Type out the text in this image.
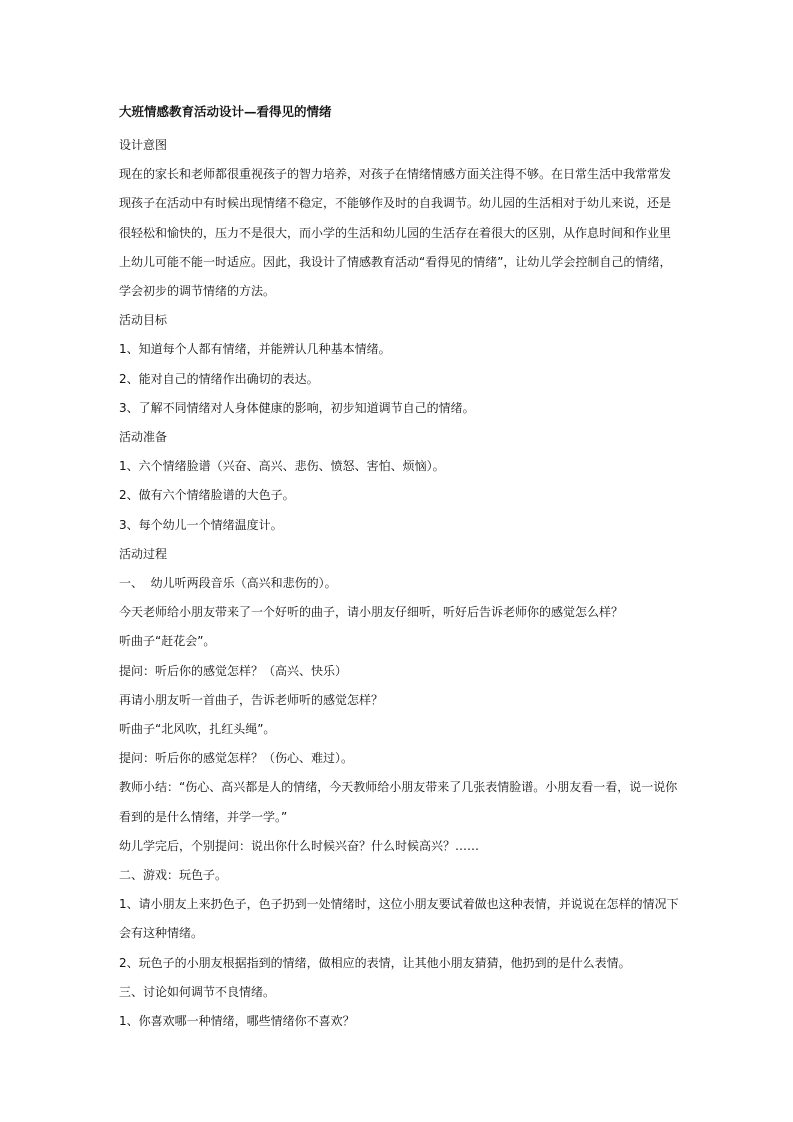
大班情感教育活动设计—看得见的情绪
设计意图
现在的家长和老师都很重视孩子的智力培养，对孩子在情绪情感方面关注得不够。在日常生活中我常常发
现孩子在活动中有时候出现情绪不稳定，不能够作及时的自我调节。幼儿园的生活相对于幼儿来说，还是
很轻松和愉快的，压力不是很大，而小学的生活和幼儿园的生活存在着很大的区别，从作息时间和作业里
上幼儿可能不能一时适应。因此，我设计了情感教育活动“看得见的情绪”，让幼儿学会控制自己的情绪，
学会初步的调节情绪的方法。
活动目标
1、知道每个人都有情绪，并能辨认几种基本情绪。
2、能对自己的情绪作出确切的表达。
3、了解不同情绪对人身体健康的影响，初步知道调节自己的情绪。
活动准备
1、六个情绪脸谱（兴奋、高兴、悲伤、愤怒、害怕、烦恼）。
2、做有六个情绪脸谱的大色子。
3、每个幼儿一个情绪温度计。
活动过程
一、  幼儿听两段音乐（高兴和悲伤的）。
今天老师给小朋友带来了一个好听的曲子，请小朋友仔细听，听好后告诉老师你的感觉怎么样？
听曲子“赶花会”。
提问：听后你的感觉怎样？（高兴、快乐）
再请小朋友听一首曲子，告诉老师听的感觉怎样？
听曲子“北风吹，扎红头绳”。
提问：听后你的感觉怎样？（伤心、难过）。
教师小结：“伤心、高兴都是人的情绪，今天教师给小朋友带来了几张表情脸谱。小朋友看一看，说一说你
看到的是什么情绪，并学一学。”
幼儿学完后，个别提问：说出你什么时候兴奋？什么时候高兴？……
二、游戏：玩色子。
1、请小朋友上来扔色子，色子扔到一处情绪时，这位小朋友要试着做也这种表情，并说说在怎样的情况下
会有这种情绪。
2、玩色子的小朋友根据指到的情绪，做相应的表情，让其他小朋友猜猜，他扔到的是什么表情。
三、讨论如何调节不良情绪。
1、你喜欢哪一种情绪，哪些情绪你不喜欢？
